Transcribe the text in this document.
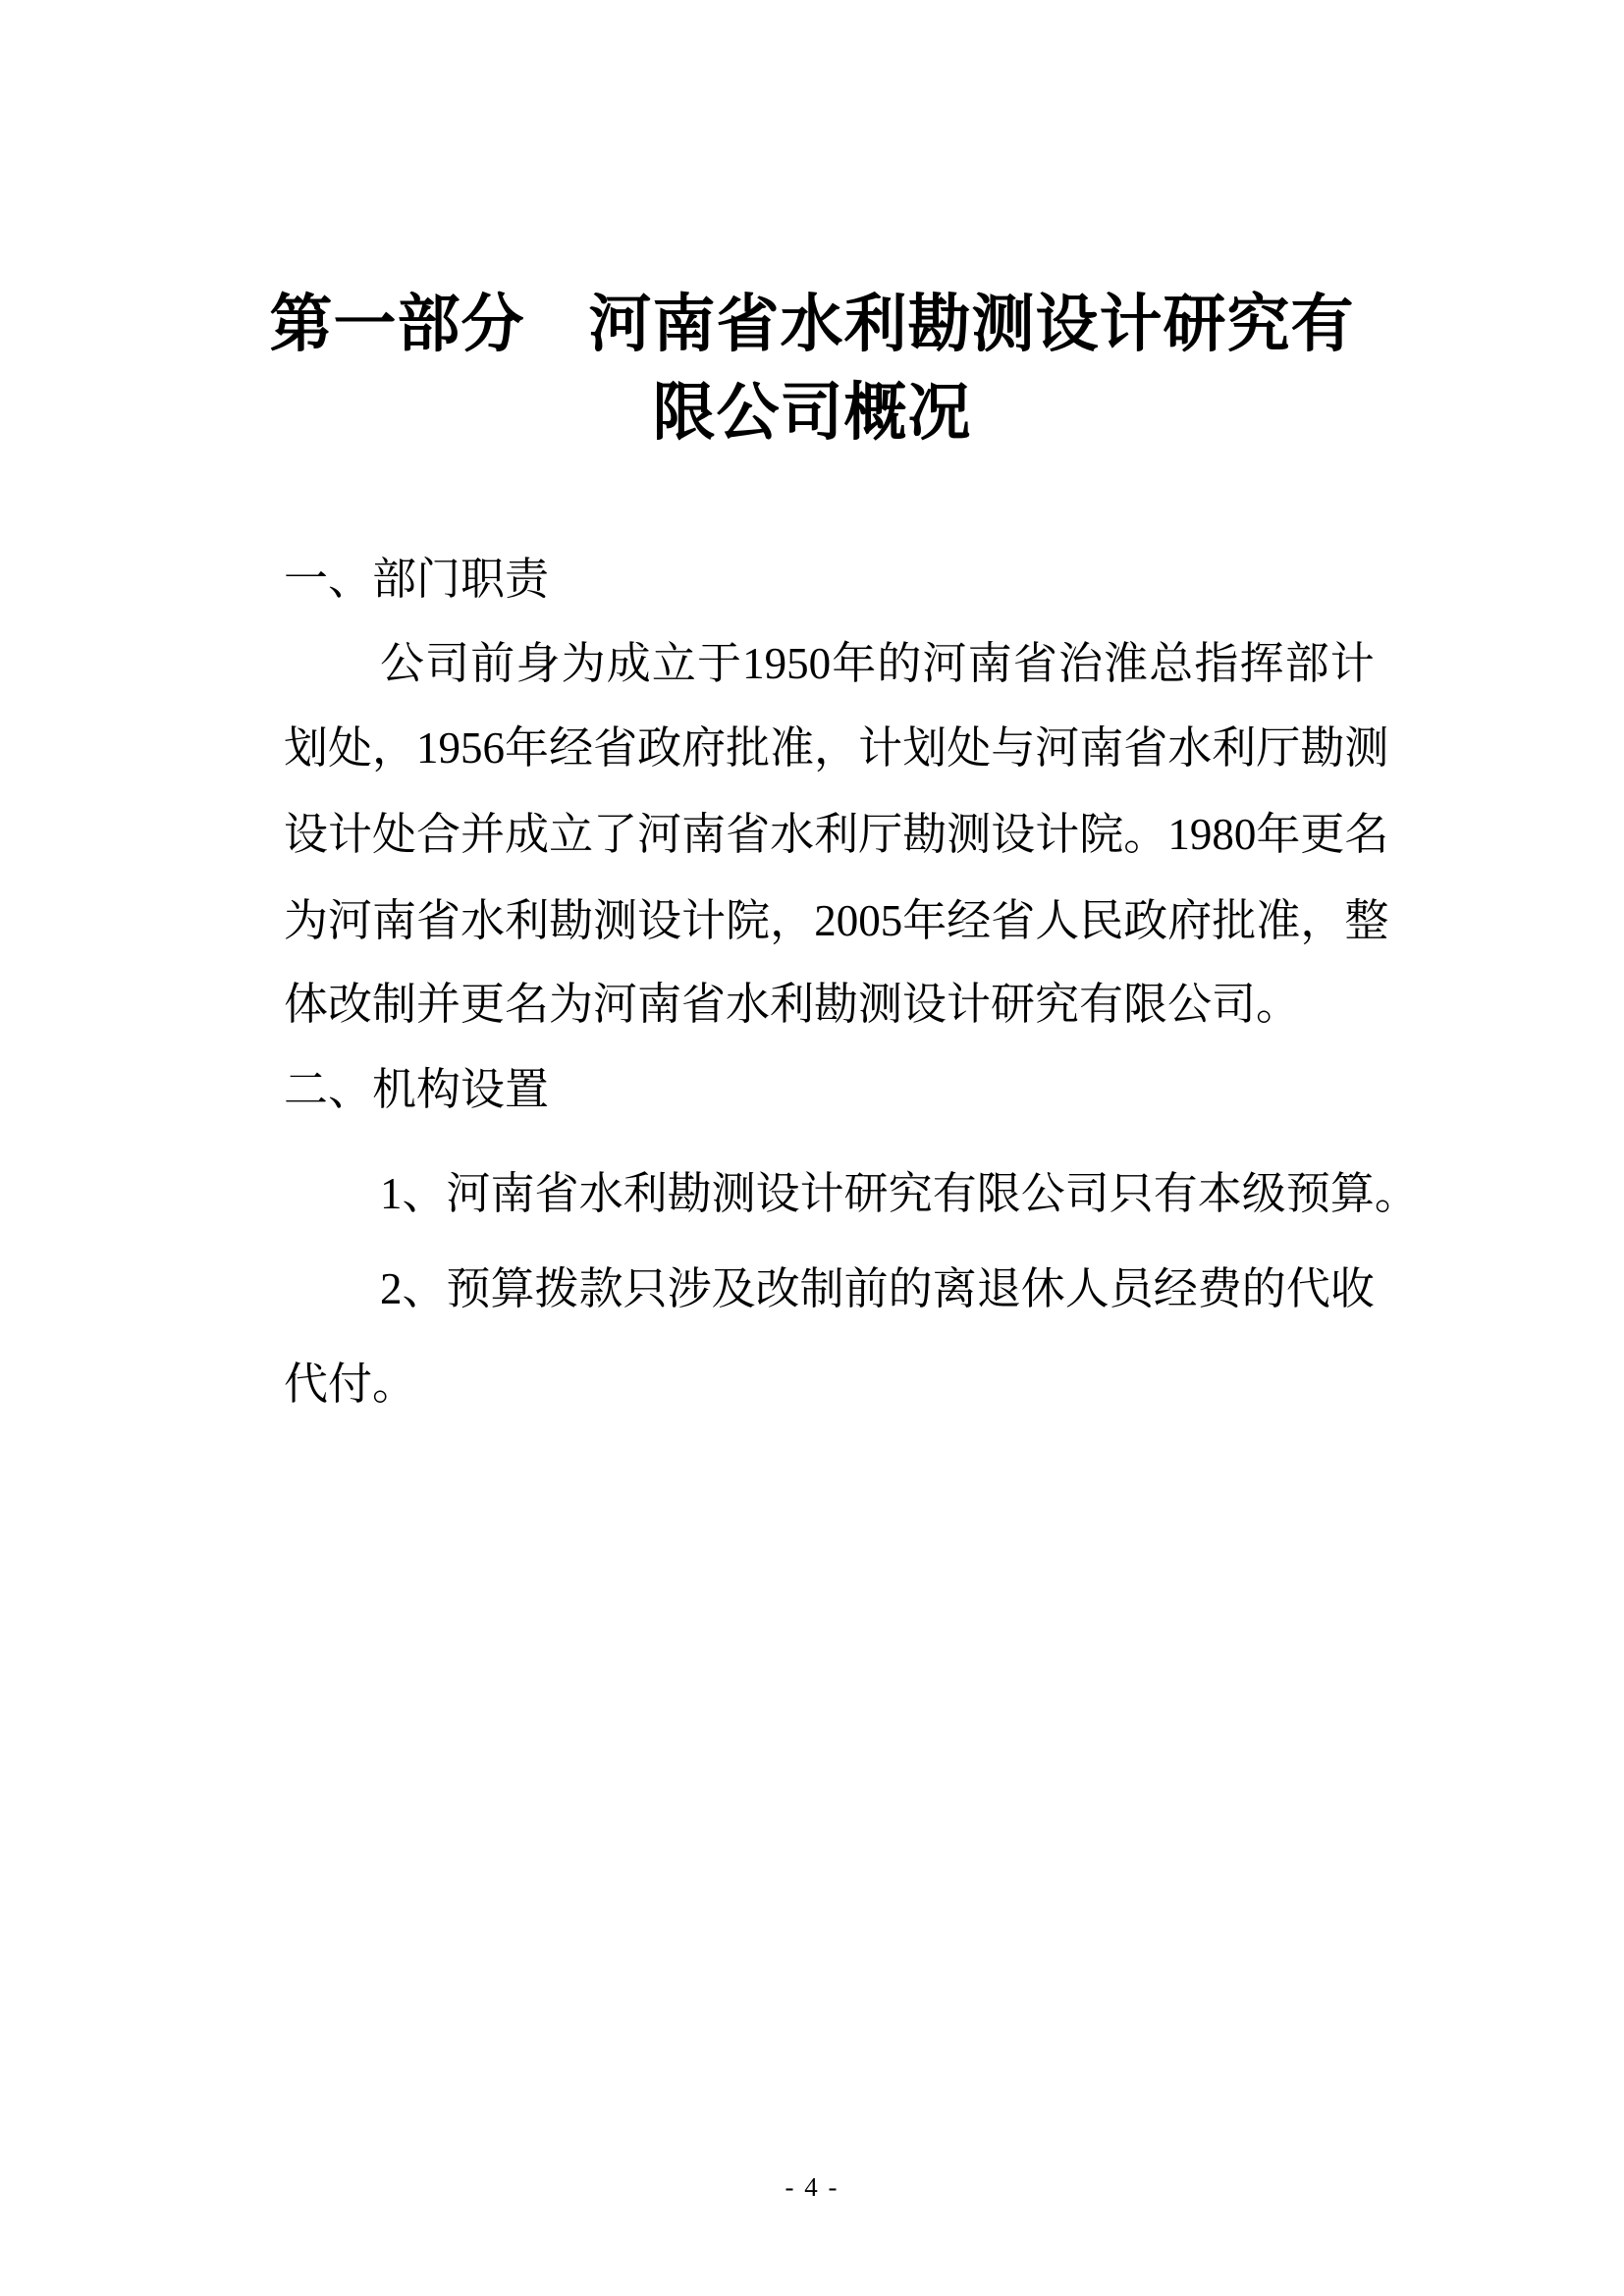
第一部分　河南省水利勘测设计研究有
限公司概况
一、部门职责
公 司 前 身 为 成 立 于 1950 年 的 河 南 省 治 淮 总 指 挥 部 计
划 处 ， 1956 年 经 省 政 府 批 准 ， 计 划 处 与 河 南 省 水 利 厅 勘 测
设 计 处 合 并 成 立 了 河 南 省 水 利 厅 勘 测 设 计 院 。 1980 年 更 名
为 河 南 省 水 利 勘 测 设 计 院 ， 2005 年 经 省 人 民 政 府 批 准 ， 整
体改制并更名为河南省水利勘测设计研究有限公司。
二、机构设置
1 、 河 南 省 水 利 勘 测 设 计 研 究 有 限 公 司 只 有 本 级 预 算 。
2 、 预 算 拨 款 只 涉 及 改 制 前 的 离 退 休 人 员 经 费 的 代 收
代付。
- 4 -
